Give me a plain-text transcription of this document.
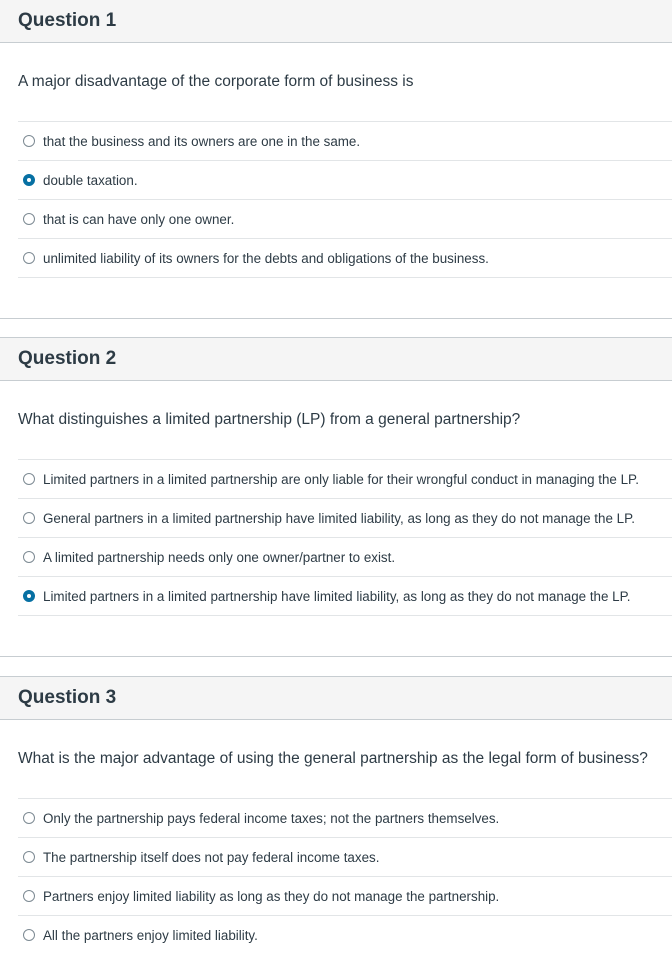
Question 1
A major disadvantage of the corporate form of business is
that the business and its owners are one in the same.
double taxation.
that is can have only one owner.
unlimited liability of its owners for the debts and obligations of the business.
Question 2
What distinguishes a limited partnership (LP) from a general partnership?
Limited partners in a limited partnership are only liable for their wrongful conduct in managing the LP.
General partners in a limited partnership have limited liability, as long as they do not manage the LP.
A limited partnership needs only one owner/partner to exist.
Limited partners in a limited partnership have limited liability, as long as they do not manage the LP.
Question 3
What is the major advantage of using the general partnership as the legal form of business?
Only the partnership pays federal income taxes; not the partners themselves.
The partnership itself does not pay federal income taxes.
Partners enjoy limited liability as long as they do not manage the partnership.
All the partners enjoy limited liability.
